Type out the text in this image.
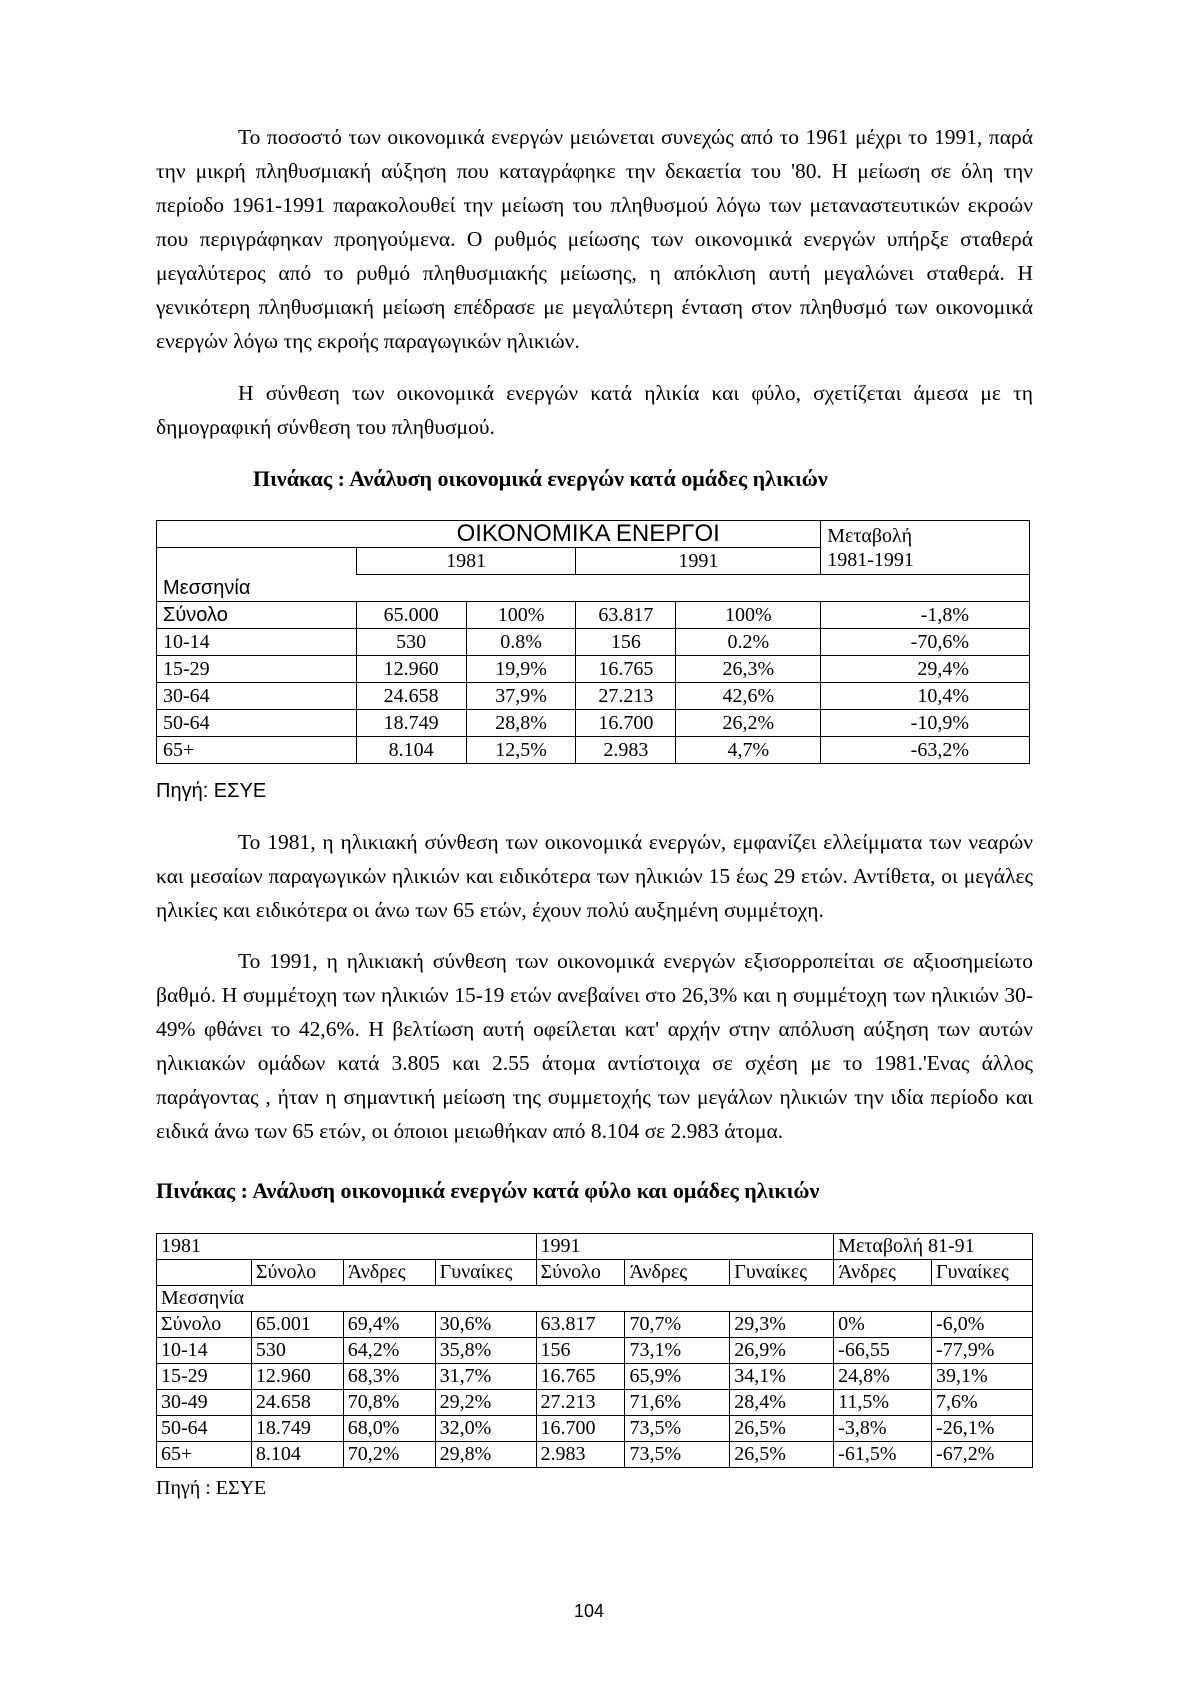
Το ποσοστό των οικονομικά ενεργών μειώνεται συνεχώς από το 1961 μέχρι το 1991, παρά την μικρή πληθυσμιακή αύξηση που καταγράφηκε την δεκαετία του '80. Η μείωση σε όλη την περίοδο 1961-1991 παρακολουθεί την μείωση του πληθυσμού λόγω των μεταναστευτικών εκροών που περιγράφηκαν προηγούμενα. Ο ρυθμός μείωσης των οικονομικά ενεργών υπήρξε σταθερά μεγαλύτερος από το ρυθμό πληθυσμιακής μείωσης, η απόκλιση αυτή μεγαλώνει σταθερά. Η γενικότερη πληθυσμιακή μείωση επέδρασε με μεγαλύτερη ένταση στον πληθυσμό των οικονομικά ενεργών λόγω της εκροής παραγωγικών ηλικιών.

Η σύνθεση των οικονομικά ενεργών κατά ηλικία και φύλο, σχετίζεται άμεσα με τη δημογραφική σύνθεση του πληθυσμού.

Πινάκας : Ανάλυση οικονομικά ενεργών κατά ομάδες ηλικιών

	ΟΙΚΟΝΟΜΙΚΑ ΕΝΕΡΓΟΙ				Μεταβολή
1981-1991

	1981		1991		
Μεσσηνία					
Σύνολο	65.000	100%	63.817	100%	-1,8%
10-14	530	0.8%	156	0.2%	-70,6%
15-29	12.960	19,9%	16.765	26,3%	29,4%
30-64	24.658	37,9%	27.213	42,6%	10,4%
50-64	18.749	28,8%	16.700	26,2%	-10,9%
65+	8.104	12,5%	2.983	4,7%	-63,2%

Πηγή: ΕΣΥΕ

Το 1981, η ηλικιακή σύνθεση των οικονομικά ενεργών, εμφανίζει ελλείμματα των νεαρών και μεσαίων παραγωγικών ηλικιών και ειδικότερα των ηλικιών 15 έως 29 ετών. Αντίθετα, οι μεγάλες ηλικίες και ειδικότερα οι άνω των 65 ετών, έχουν πολύ αυξημένη συμμέτοχη.

Το 1991, η ηλικιακή σύνθεση των οικονομικά ενεργών εξισορροπείται σε αξιοσημείωτο βαθμό. Η συμμέτοχη των ηλικιών 15-19 ετών ανεβαίνει στο 26,3% και η συμμέτοχη των ηλικιών 30-49% φθάνει το 42,6%. Η βελτίωση αυτή οφείλεται κατ' αρχήν στην απόλυση αύξηση των αυτών ηλικιακών ομάδων κατά 3.805 και 2.55 άτομα αντίστοιχα σε σχέση με το 1981.'Ενας άλλος παράγοντας , ήταν η σημαντική μείωση της συμμετοχής των μεγάλων ηλικιών την ιδία περίοδο και ειδικά άνω των 65 ετών, οι όποιοι μειωθήκαν από 8.104 σε 2.983 άτομα.

Πινάκας : Ανάλυση οικονομικά ενεργών κατά φύλο και ομάδες ηλικιών

1981				1991			Μεταβολή 81-91	
	Σύνολο	Άνδρες	Γυναίκες	Σύνολο	Άνδρες	Γυναίκες	Άνδρες	Γυναίκες
Μεσσηνία								
Σύνολο	65.001	69,4%	30,6%	63.817	70,7%	29,3%	0%	-6,0%
10-14	530	64,2%	35,8%	156	73,1%	26,9%	-66,55	-77,9%
15-29	12.960	68,3%	31,7%	16.765	65,9%	34,1%	24,8%	39,1%
30-49	24.658	70,8%	29,2%	27.213	71,6%	28,4%	11,5%	7,6%
50-64	18.749	68,0%	32,0%	16.700	73,5%	26,5%	-3,8%	-26,1%
65+	8.104	70,2%	29,8%	2.983	73,5%	26,5%	-61,5%	-67,2%

Πηγή : ΕΣΥΕ

104
